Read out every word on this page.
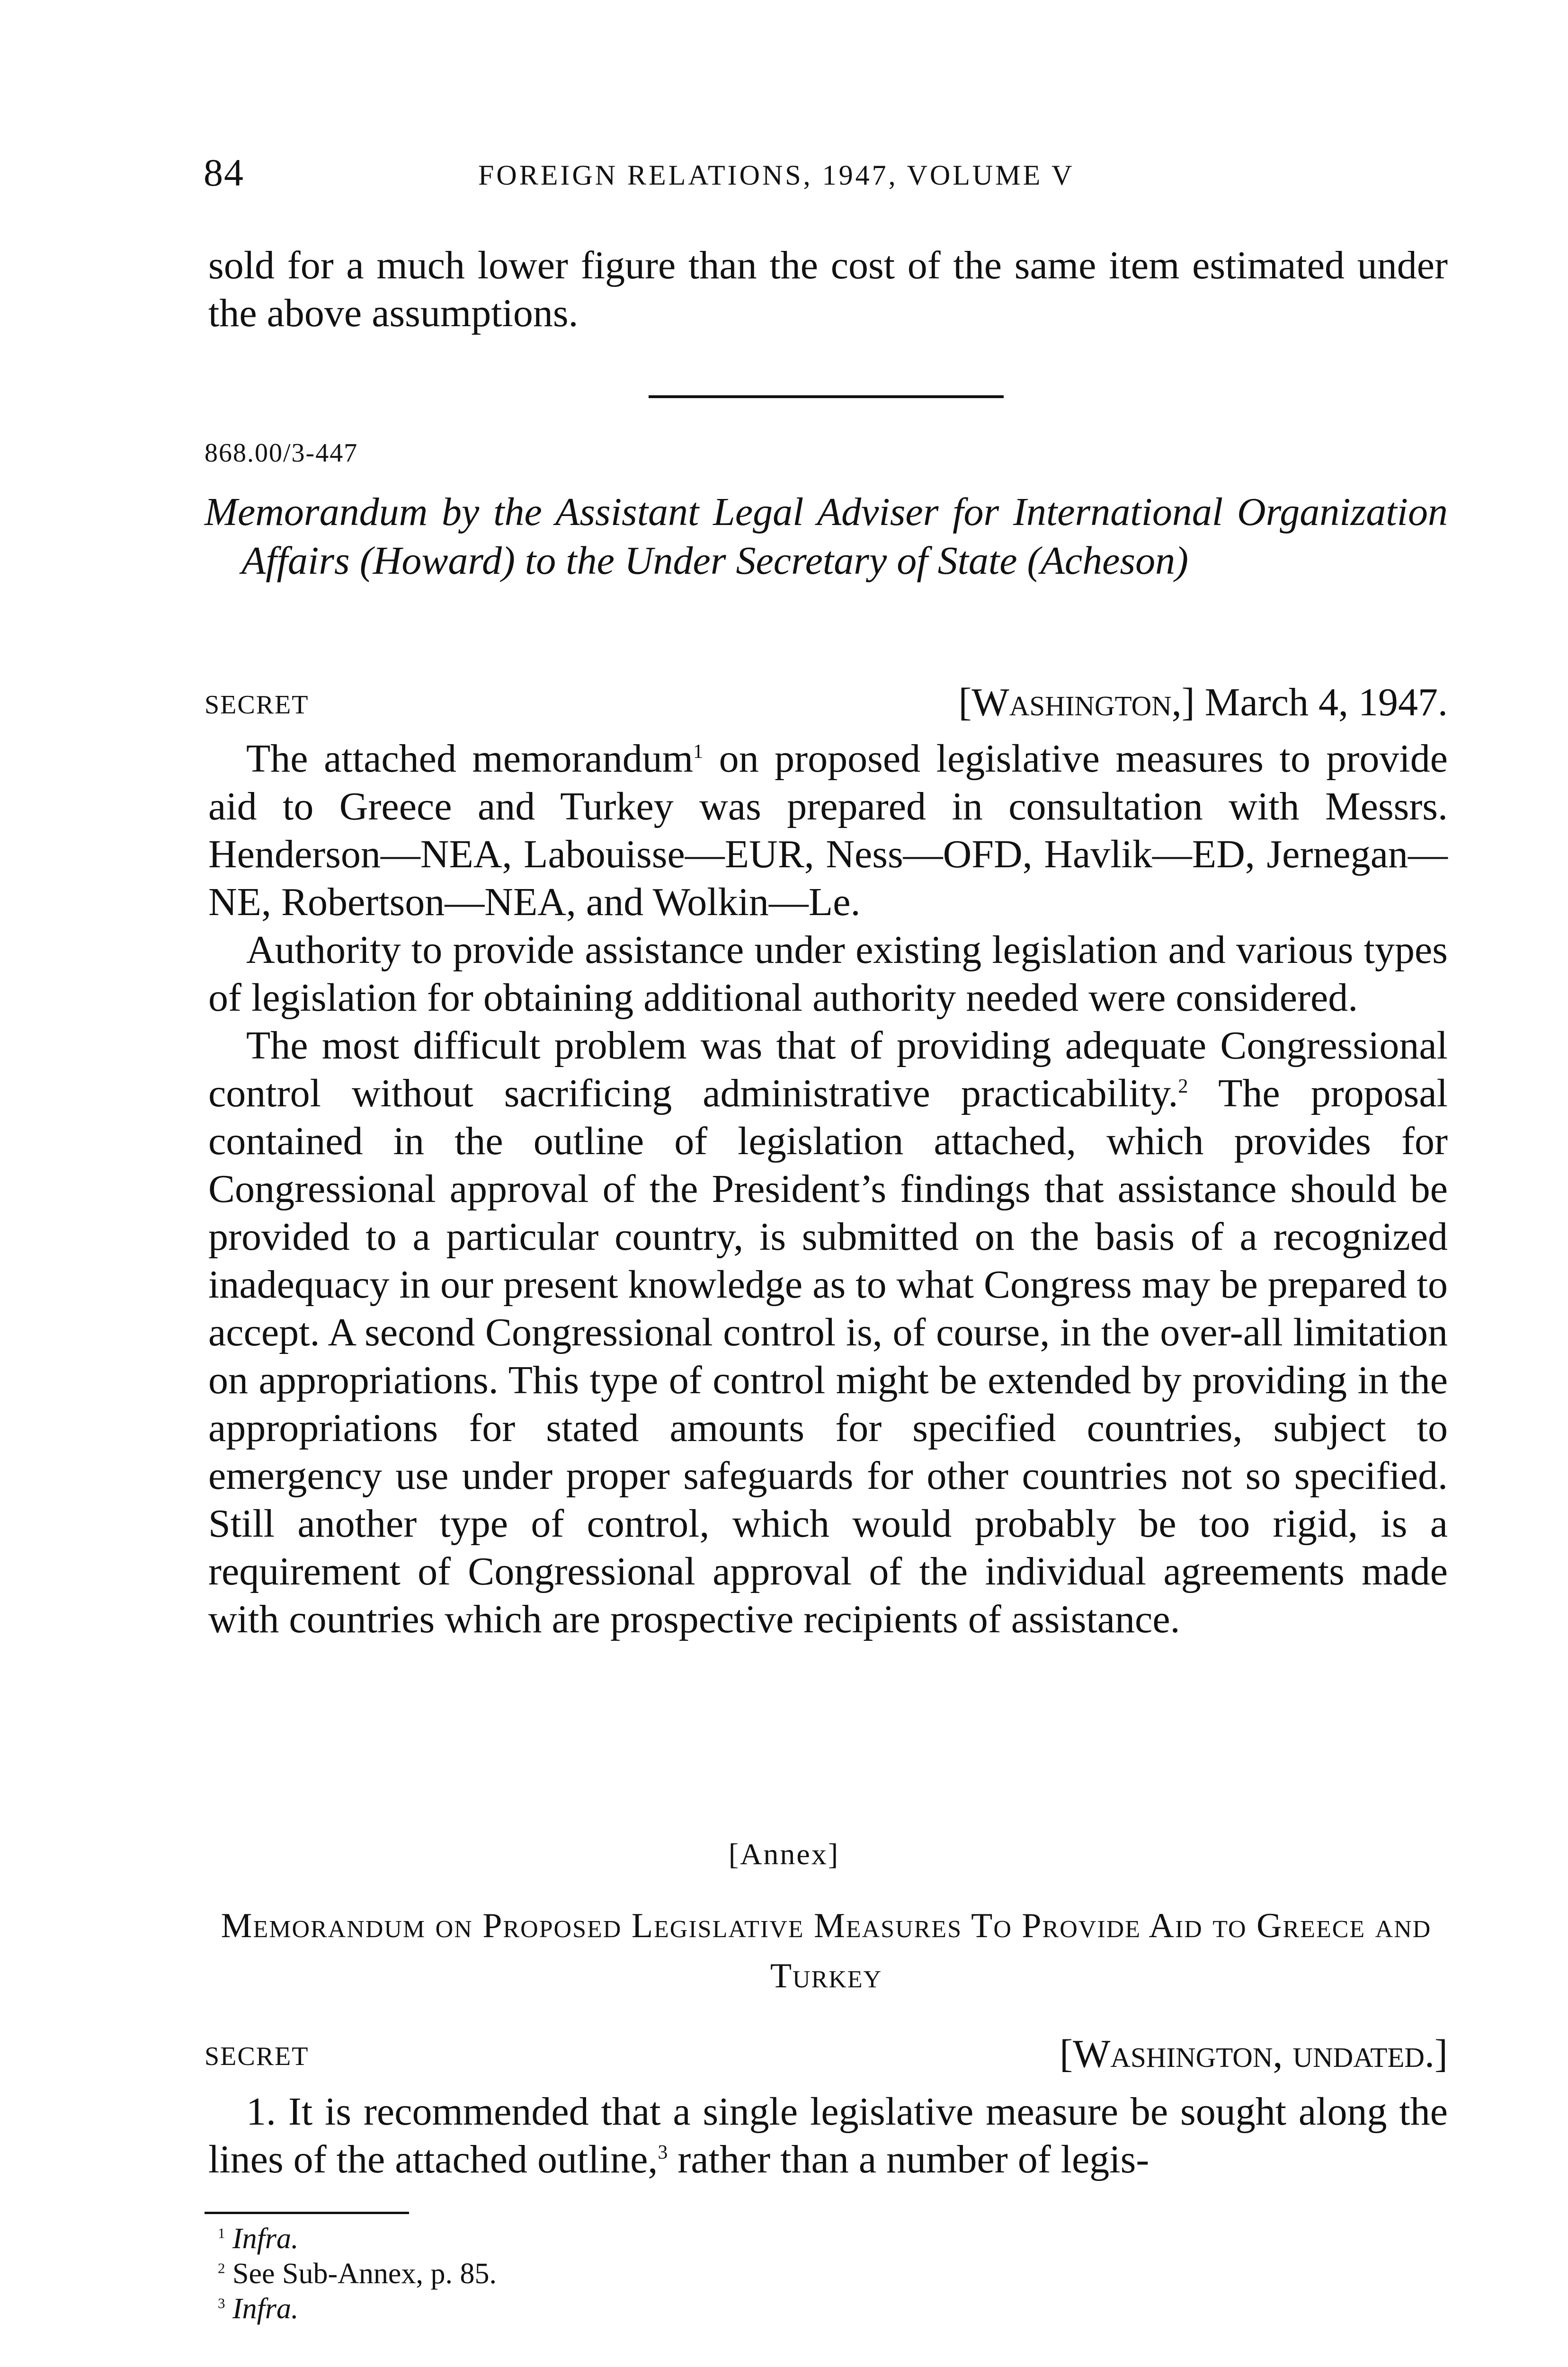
84	FOREIGN RELATIONS, 1947, VOLUME V
sold for a much lower figure than the cost of the same item estimated under the above assumptions.
868.00/3-447
Memorandum by the Assistant Legal Adviser for International Organization Affairs (Howard) to the Under Secretary of State (Acheson)
SECRET	[Washington,] March 4, 1947.

The attached memorandum$^1$ on proposed legislative measures to provide aid to Greece and Turkey was prepared in consultation with Messrs. Henderson—NEA, Labouisse—EUR, Ness—OFD, Havlik—ED, Jernegan—NE, Robertson—NEA, and Wolkin—Le.

Authority to provide assistance under existing legislation and various types of legislation for obtaining additional authority needed were considered.

The most difficult problem was that of providing adequate Congressional control without sacrificing administrative practicability.$^2$ The proposal contained in the outline of legislation attached, which provides for Congressional approval of the President’s findings that assistance should be provided to a particular country, is submitted on the basis of a recognized inadequacy in our present knowledge as to what Congress may be prepared to accept. A second Congressional control is, of course, in the over-all limitation on appropriations. This type of control might be extended by providing in the appropriations for stated amounts for specified countries, subject to emergency use under proper safeguards for other countries not so specified. Still another type of control, which would probably be too rigid, is a requirement of Congressional approval of the individual agreements made with countries which are prospective recipients of assistance.

[Annex]
Memorandum on Proposed Legislative Measures To Provide Aid to Greece and Turkey
SECRET	[Washington, undated.]

1. It is recommended that a single legislative measure be sought along the lines of the attached outline,$^3$ rather than a number of legis-

$^1$ Infra.
$^2$ See Sub-Annex, p. 85.
$^3$ Infra.
